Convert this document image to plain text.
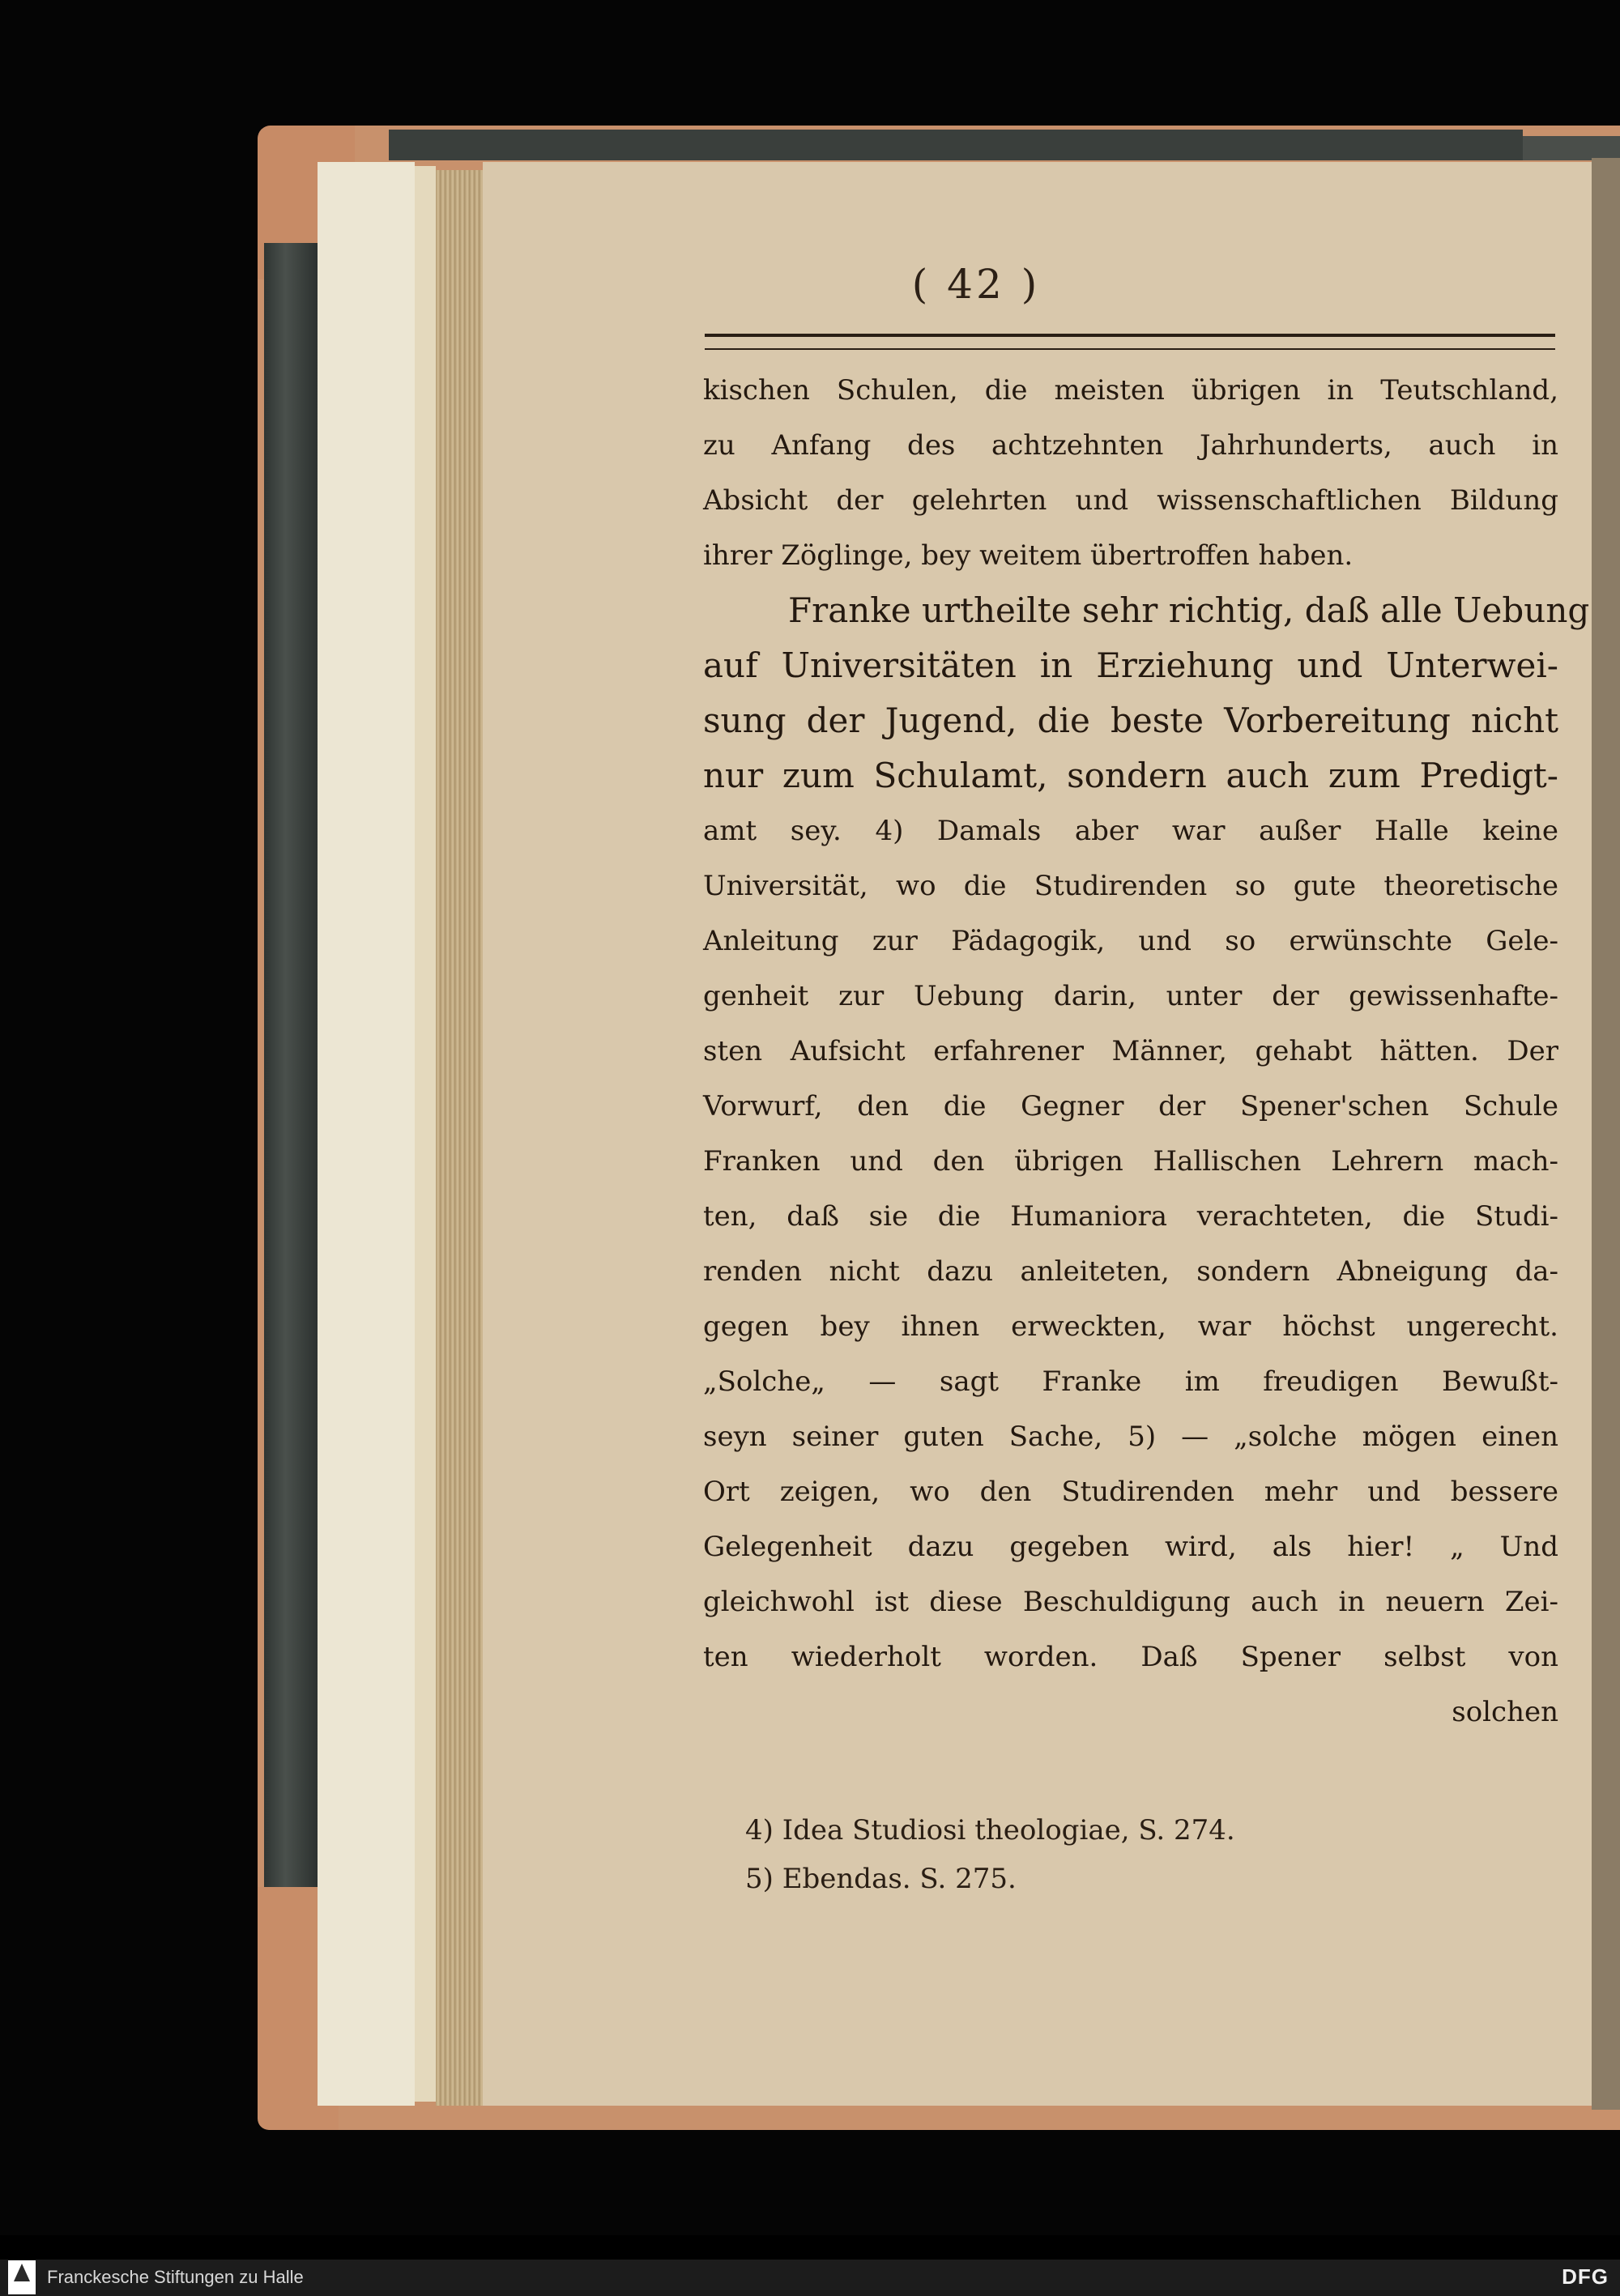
( 42 )
kischen Schulen, die meisten übrigen in Teutschland,
zu Anfang des achtzehnten Jahrhunderts, auch in
Absicht der gelehrten und wissenschaftlichen Bildung
ihrer Zöglinge, bey weitem übertroffen haben.
Franke urtheilte sehr richtig, daß alle Uebung
auf Universitäten in Erziehung und Unterwei-
sung der Jugend, die beste Vorbereitung nicht
nur zum Schulamt, sondern auch zum Predigt-
amt sey. 4) Damals aber war außer Halle keine
Universität, wo die Studirenden so gute theoretische
Anleitung zur Pädagogik, und so erwünschte Gele-
genheit zur Uebung darin, unter der gewissenhafte-
sten Aufsicht erfahrener Männer, gehabt hätten. Der
Vorwurf, den die Gegner der Spener'schen Schule
Franken und den übrigen Hallischen Lehrern mach-
ten, daß sie die Humaniora verachteten, die Studi-
renden nicht dazu anleiteten, sondern Abneigung da-
gegen bey ihnen erweckten, war höchst ungerecht.
„Solche„ — sagt Franke im freudigen Bewußt-
seyn seiner guten Sache, 5) — „solche mögen einen
Ort zeigen, wo den Studirenden mehr und bessere
Gelegenheit dazu gegeben wird, als hier! „ Und
gleichwohl ist diese Beschuldigung auch in neuern Zei-
ten wiederholt worden. Daß Spener selbst von
solchen
4) Idea Studiosi theologiae, S. 274.
5) Ebendas. S. 275.
Franckesche Stiftungen zu Halle	DFG
